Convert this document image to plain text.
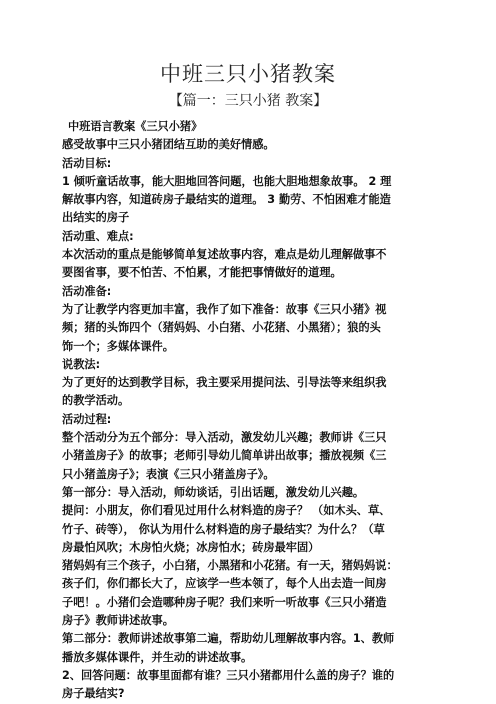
中班三只小猪教案
【篇一：三只小猪 教案】
中班语言教案《三只小猪》
感受故事中三只小猪团结互助的美好情感。
活动目标:
1 倾听童话故事，能大胆地回答问题，也能大胆地想象故事。 2 理
解故事内容，知道砖房子最结实的道理。 3 勤劳、不怕困难才能造
出结实的房子
活动重、难点:
本次活动的重点是能够简单复述故事内容，难点是幼儿理解做事不
要图省事，要不怕苦、不怕累，才能把事情做好的道理。
活动准备:
为了让教学内容更加丰富，我作了如下准备：故事《三只小猪》视
频；猪的头饰四个（猪妈妈、小白猪、小花猪、小黑猪）；狼的头
饰一个；多媒体课件。
说教法:
为了更好的达到教学目标，我主要采用提问法、引导法等来组织我
的教学活动。
活动过程:
整个活动分为五个部分：导入活动，激发幼儿兴趣；教师讲《三只
小猪盖房子》的故事；老师引导幼儿简单讲出故事；播放视频《三
只小猪盖房子》；表演《三只小猪盖房子》。
第一部分：导入活动，师幼谈话，引出话题，激发幼儿兴趣。
提问：小朋友，你们看见过用什么材料造的房子？ （如木头、草、
竹子、砖等）， 你认为用什么材料造的房子最结实？为什么？（草
房最怕风吹；木房怕火烧；冰房怕水；砖房最牢固）
猪妈妈有三个孩子，小白猪，小黑猪和小花猪。有一天，猪妈妈说：
孩子们，你们都长大了，应该学一些本领了，每个人出去造一间房
子吧！。小猪们会造哪种房子呢？我们来听一听故事《三只小猪造
房子》教师讲述故事。
第二部分：教师讲述故事第二遍，帮助幼儿理解故事内容。1、教师
播放多媒体课件，并生动的讲述故事。
2、回答问题：故事里面都有谁？三只小猪都用什么盖的房子？谁的
房子最结实?
